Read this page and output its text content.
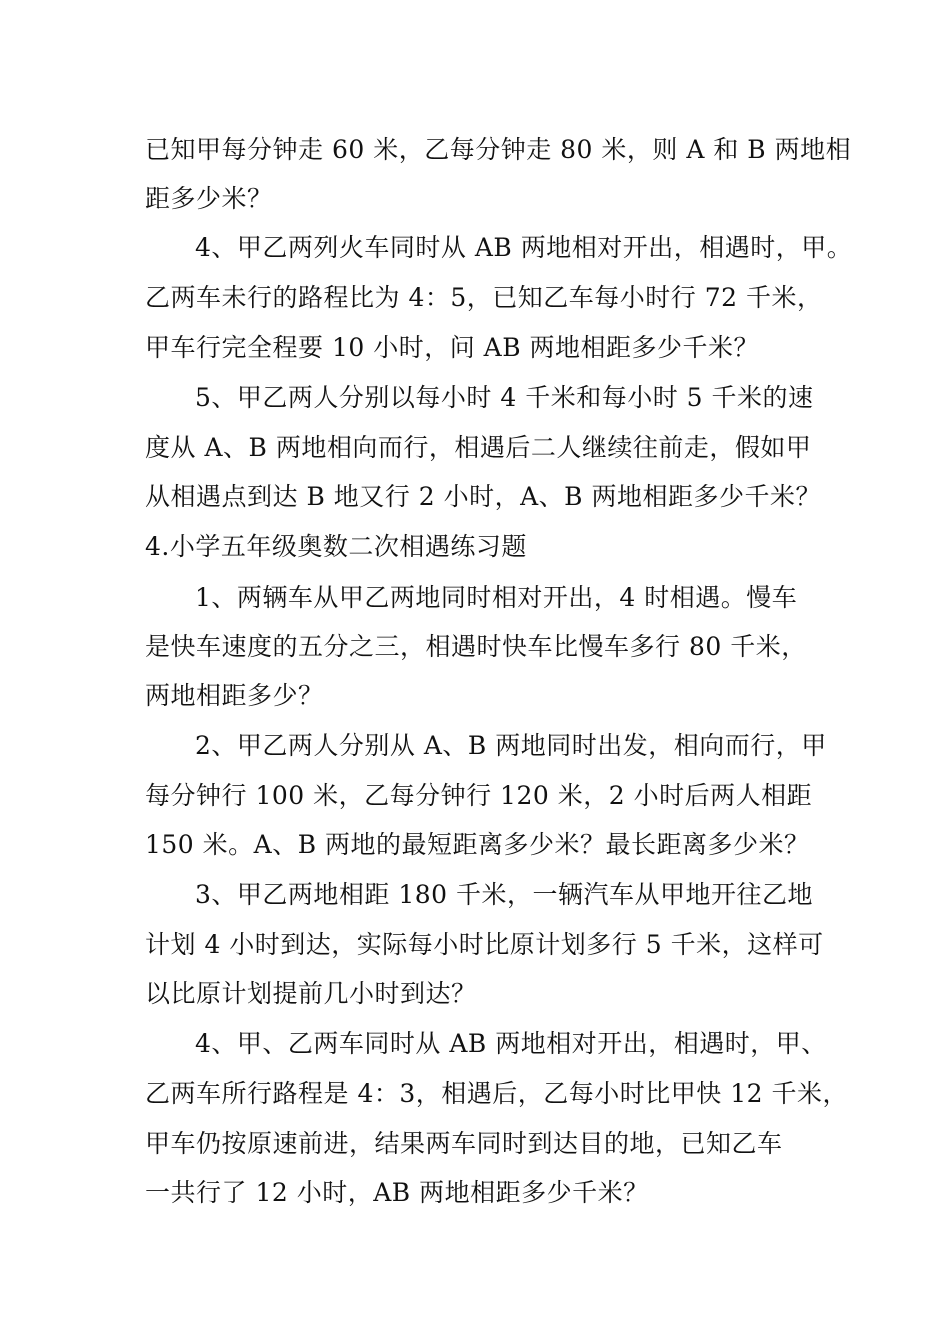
已知甲每分钟走 60 米，乙每分钟走 80 米，则 A 和 B 两地相
距多少米？
4、甲乙两列火车同时从 AB 两地相对开出，相遇时，甲。
乙两车未行的路程比为 4：5，已知乙车每小时行 72 千米，
甲车行完全程要 10 小时，问 AB 两地相距多少千米？
5、甲乙两人分别以每小时 4 千米和每小时 5 千米的速
度从 A、B 两地相向而行，相遇后二人继续往前走，假如甲
从相遇点到达 B 地又行 2 小时，A、B 两地相距多少千米？
4.小学五年级奥数二次相遇练习题
1、两辆车从甲乙两地同时相对开出，4 时相遇。慢车
是快车速度的五分之三，相遇时快车比慢车多行 80 千米，
两地相距多少？
2、甲乙两人分别从 A、B 两地同时出发，相向而行，甲
每分钟行 100 米，乙每分钟行 120 米，2 小时后两人相距
150 米。A、B 两地的最短距离多少米？最长距离多少米？
3、甲乙两地相距 180 千米，一辆汽车从甲地开往乙地
计划 4 小时到达，实际每小时比原计划多行 5 千米，这样可
以比原计划提前几小时到达？
4、甲、乙两车同时从 AB 两地相对开出，相遇时，甲、
乙两车所行路程是 4：3，相遇后，乙每小时比甲快 12 千米，
甲车仍按原速前进，结果两车同时到达目的地，已知乙车
一共行了 12 小时，AB 两地相距多少千米？
